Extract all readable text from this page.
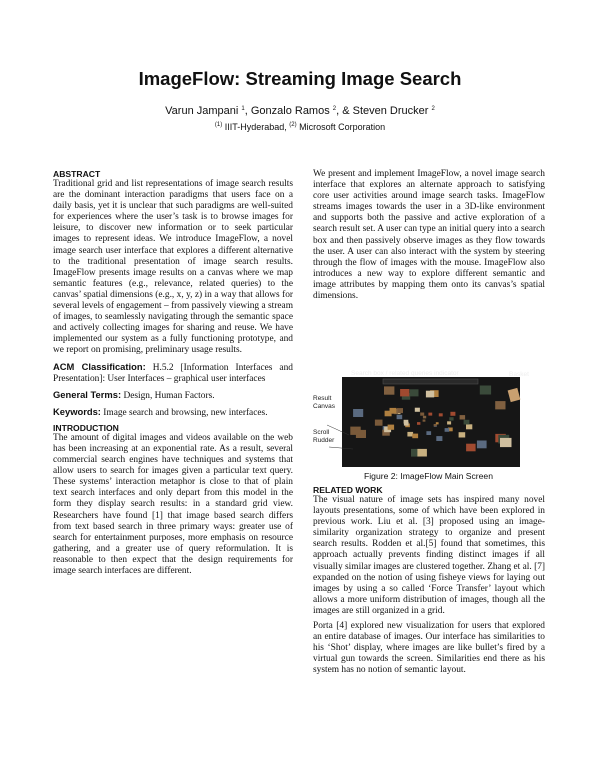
ImageFlow: Streaming Image Search
Varun Jampani $^1$, Gonzalo Ramos $^2$, & Steven Drucker $^2$
$^{(1)}$ IIIT-Hyderabad, $^{(2)}$ Microsoft Corporation
ABSTRACT

Traditional grid and list representations of image search results are the dominant interaction paradigms that users face on a daily basis, yet it is unclear that such paradigms are well-suited for experiences where the user’s task is to browse images for leisure, to discover new information or to seek particular images to represent ideas. We introduce ImageFlow, a novel image search user interface that explores a different alternative to the traditional presentation of image search results. ImageFlow presents image results on a canvas where we map semantic features (e.g., relevance, related queries) to the canvas’ spatial dimensions (e.g., x, y, z) in a way that allows for several levels of engagement – from passively viewing a stream of images, to seamlessly navigating through the semantic space and actively collecting images for sharing and reuse. We have implemented our system as a fully functioning prototype, and we report on promising, preliminary usage results.

ACM Classification: H.5.2 [Information Interfaces and Presentation]: User Interfaces – graphical user interfaces

General Terms: Design, Human Factors.

Keywords: Image search and browsing, new interfaces.

INTRODUCTION

The amount of digital images and videos available on the web has been increasing at an exponential rate. As a result, several commercial search engines have techniques and systems that allow users to search for images given a particular text query. These systems’ interaction metaphor is close to that of plain text search interfaces and only depart from this model in the form they display search results: in a standard grid view. Researchers have found [1] that image based search differs from text based search in three primary ways: greater use of search for entertainment purposes, more emphasis on resource gathering, and a greater use of query reformulation. It is reasonable to then expect that the design requirements for image search interfaces are different.

We present and implement ImageFlow, a novel image search interface that explores an alternate approach to satisfying core user activities around image search tasks. ImageFlow streams images towards the user in a 3D-like environment and supports both the passive and active exploration of a search result set. A user can type an initial query into a search box and then passively observe images as they flow towards the user. A user can also interact with the system by steering through the flow of images with the mouse. ImageFlow also introduces a new way to explore different semantic and image attributes by mapping them onto its canvas’s spatial dimensions.

Search box / related queries indicator	Basket
Result Canvas
Scroll Rudder
Figure 2: ImageFlow Main Screen
RELATED WORK

The visual nature of image sets has inspired many novel layouts presentations, some of which have been explored in previous work. Liu et al. [3] proposed using an image-similarity organization strategy to organize and present search results. Rodden et al.[5] found that sometimes, this approach actually prevents finding distinct images if all visually similar images are clustered together. Zhang et al. [7] expanded on the notion of using fisheye views for laying out images by using a so called ‘Force Transfer’ layout which allows a more uniform distribution of images, though all the images are still organized in a grid.

Porta [4] explored new visualization for users that explored an entire database of images. Our interface has similarities to his ‘Shot’ display, where images are like bullet’s fired by a virtual gun towards the screen. Similarities end there as his system has no notion of semantic layout.
